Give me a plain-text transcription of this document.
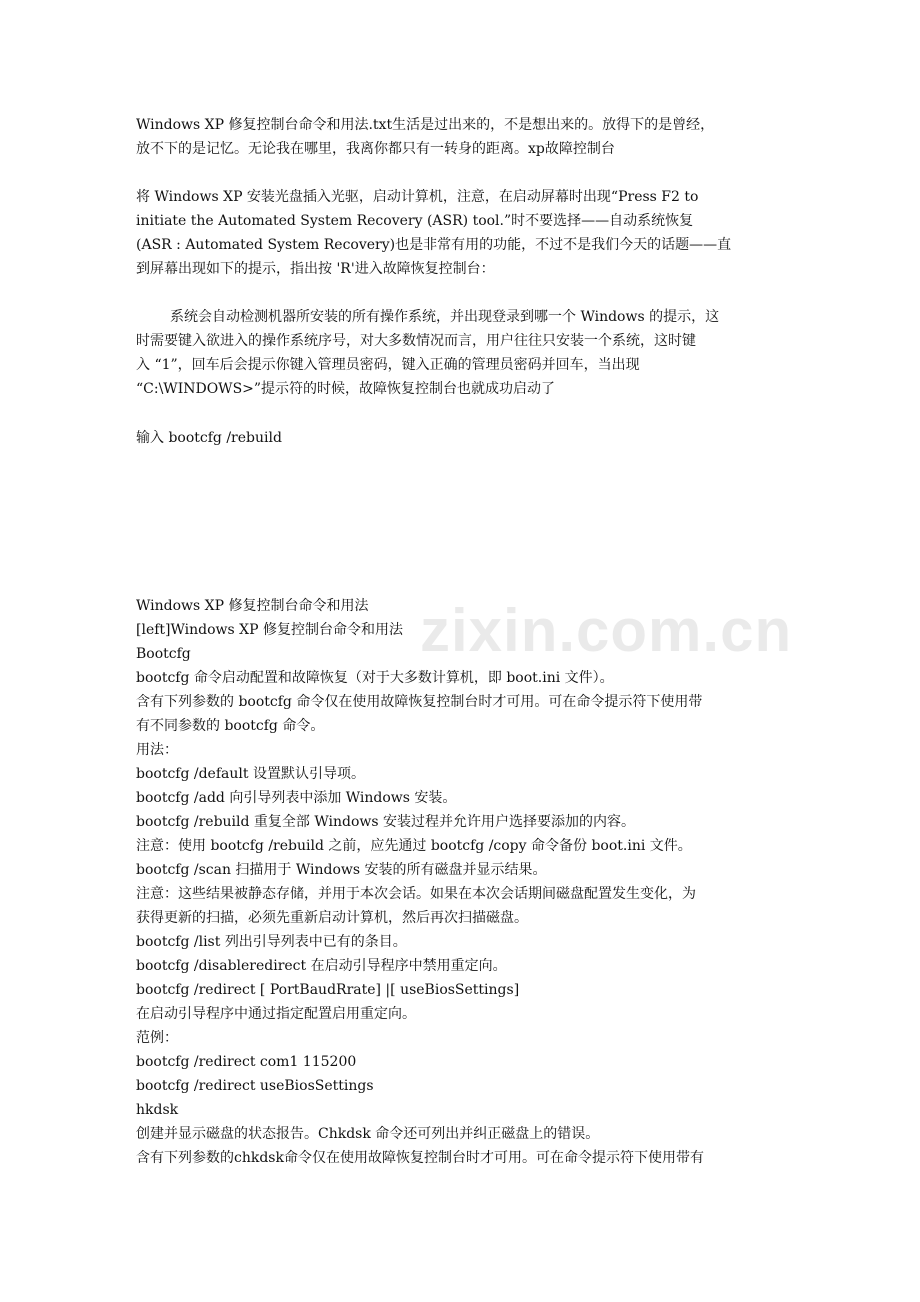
Windows XP 修复控制台命令和用法.txt生活是过出来的，不是想出来的。放得下的是曾经，
放不下的是记忆。无论我在哪里，我离你都只有一转身的距离。xp故障控制台
将 Windows XP 安装光盘插入光驱，启动计算机，注意，在启动屏幕时出现“Press F2 to
initiate the Automated System Recovery (ASR) tool.”时不要选择——自动系统恢复
(ASR : Automated System Recovery)也是非常有用的功能，不过不是我们今天的话题——直
到屏幕出现如下的提示，指出按 'R'进入故障恢复控制台：
系统会自动检测机器所安装的所有操作系统，并出现登录到哪一个 Windows 的提示，这
时需要键入欲进入的操作系统序号，对大多数情况而言，用户往往只安装一个系统，这时键
入 “1”，回车后会提示你键入管理员密码，键入正确的管理员密码并回车，当出现
“C:\WINDOWS>”提示符的时候，故障恢复控制台也就成功启动了
输入 bootcfg /rebuild
zixin.com.cn
Windows XP 修复控制台命令和用法
[left]Windows XP 修复控制台命令和用法
Bootcfg
bootcfg 命令启动配置和故障恢复（对于大多数计算机，即 boot.ini 文件）。
含有下列参数的 bootcfg 命令仅在使用故障恢复控制台时才可用。可在命令提示符下使用带
有不同参数的 bootcfg 命令。
用法：
bootcfg /default 设置默认引导项。
bootcfg /add 向引导列表中添加 Windows 安装。
bootcfg /rebuild 重复全部 Windows 安装过程并允许用户选择要添加的内容。
注意：使用 bootcfg /rebuild 之前，应先通过 bootcfg /copy 命令备份 boot.ini 文件。
bootcfg /scan 扫描用于 Windows 安装的所有磁盘并显示结果。
注意：这些结果被静态存储，并用于本次会话。如果在本次会话期间磁盘配置发生变化，为
获得更新的扫描，必须先重新启动计算机，然后再次扫描磁盘。
bootcfg /list 列出引导列表中已有的条目。
bootcfg /disableredirect 在启动引导程序中禁用重定向。
bootcfg /redirect [ PortBaudRrate] |[ useBiosSettings]
在启动引导程序中通过指定配置启用重定向。
范例：
bootcfg /redirect com1 115200
bootcfg /redirect useBiosSettings
hkdsk
创建并显示磁盘的状态报告。Chkdsk 命令还可列出并纠正磁盘上的错误。
含有下列参数的chkdsk命令仅在使用故障恢复控制台时才可用。可在命令提示符下使用带有
